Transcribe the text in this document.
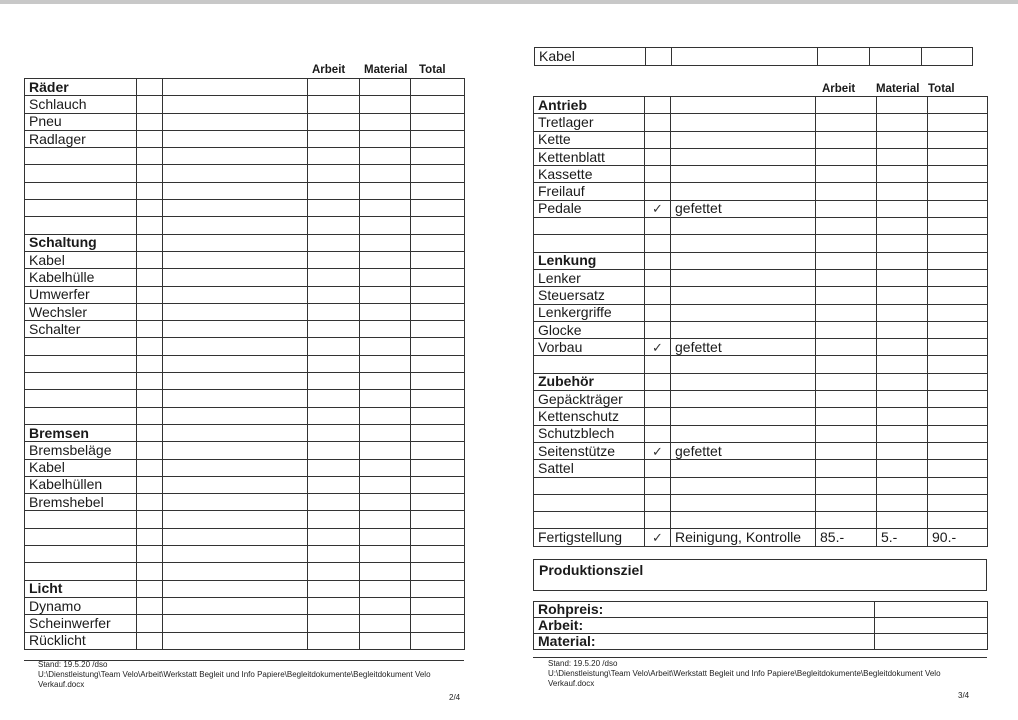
Arbeit Material Total
Räder					
Schlauch					
Pneu					
Radlager					

Schaltung					
Kabel					
Kabelhülle					
Umwerfer					
Wechsler					
Schalter					

Bremsen					
Bremsbeläge					
Kabel					
Kabelhüllen					
Bremshebel					

Licht					
Dynamo					
Scheinwerfer					
Rücklicht					
Stand: 19.5.20 /dso
U:\Dienstleistung\Team Velo\Arbeit\Werkstatt Begleit und Info Papiere\Begleitdokumente\Begleitdokument Velo
Verkauf.docx
2/4
Kabel					
Arbeit Material Total
Antrieb					
Tretlager					
Kette					
Kettenblatt					
Kassette					
Freilauf					
Pedale	✓	gefettet			

Lenkung					
Lenker					
Steuersatz					
Lenkergriffe					
Glocke					
Vorbau	✓	gefettet			

Zubehör					
Gepäckträger					
Kettenschutz					
Schutzblech					
Seitenstütze	✓	gefettet			
Sattel					

Fertigstellung	✓	Reinigung, Kontrolle	85.-	5.-	90.-
Produktionsziel
Rohpreis:	
Arbeit:	
Material:	
Stand: 19.5.20 /dso
U:\Dienstleistung\Team Velo\Arbeit\Werkstatt Begleit und Info Papiere\Begleitdokumente\Begleitdokument Velo
Verkauf.docx
3/4
